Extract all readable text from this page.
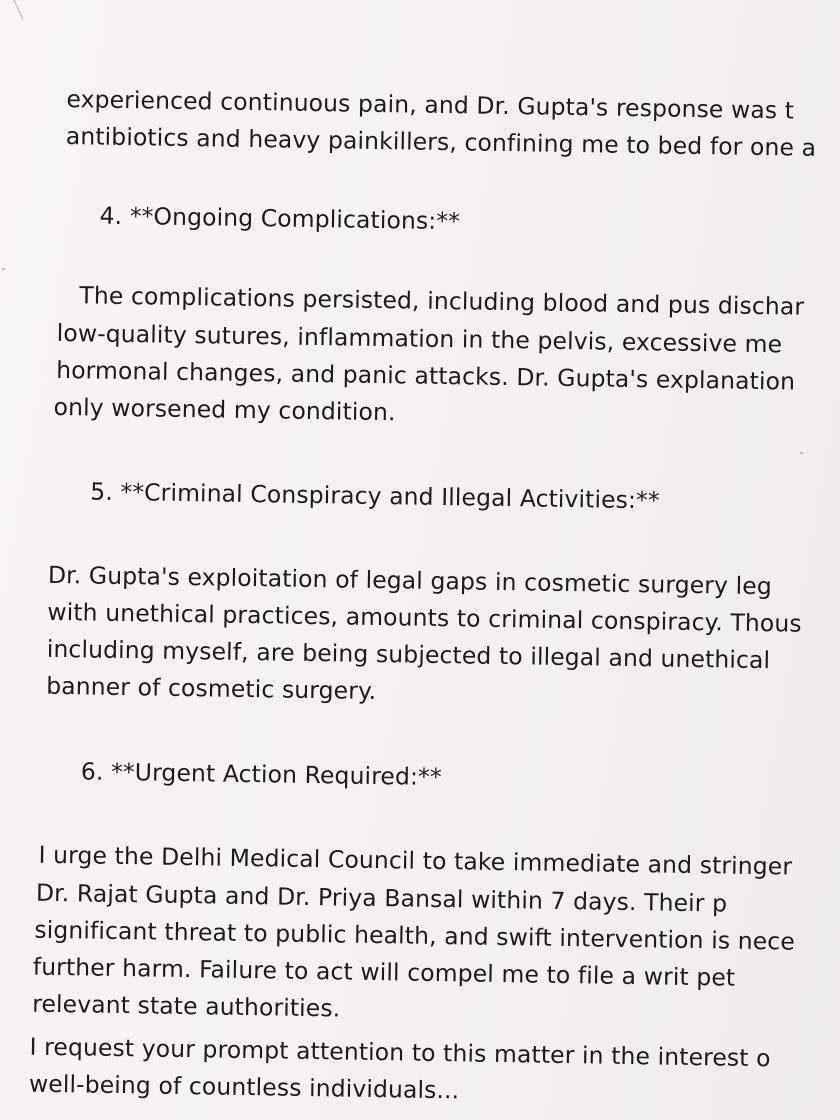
experienced continuous pain, and Dr. Gupta's response was t
antibiotics and heavy painkillers, confining me to bed for one a
4. **Ongoing Complications:**
The complications persisted, including blood and pus dischar
low-quality sutures, inflammation in the pelvis, excessive me
hormonal changes, and panic attacks. Dr. Gupta's explanation
only worsened my condition.
5. **Criminal Conspiracy and Illegal Activities:**
Dr. Gupta's exploitation of legal gaps in cosmetic surgery leg
with unethical practices, amounts to criminal conspiracy. Thous
including myself, are being subjected to illegal and unethical
banner of cosmetic surgery.
6. **Urgent Action Required:**
I urge the Delhi Medical Council to take immediate and stringer
Dr. Rajat Gupta and Dr. Priya Bansal within 7 days. Their p
significant threat to public health, and swift intervention is nece
further harm. Failure to act will compel me to file a writ pet
relevant state authorities.
I request your prompt attention to this matter in the interest o
well-being of countless individuals...
